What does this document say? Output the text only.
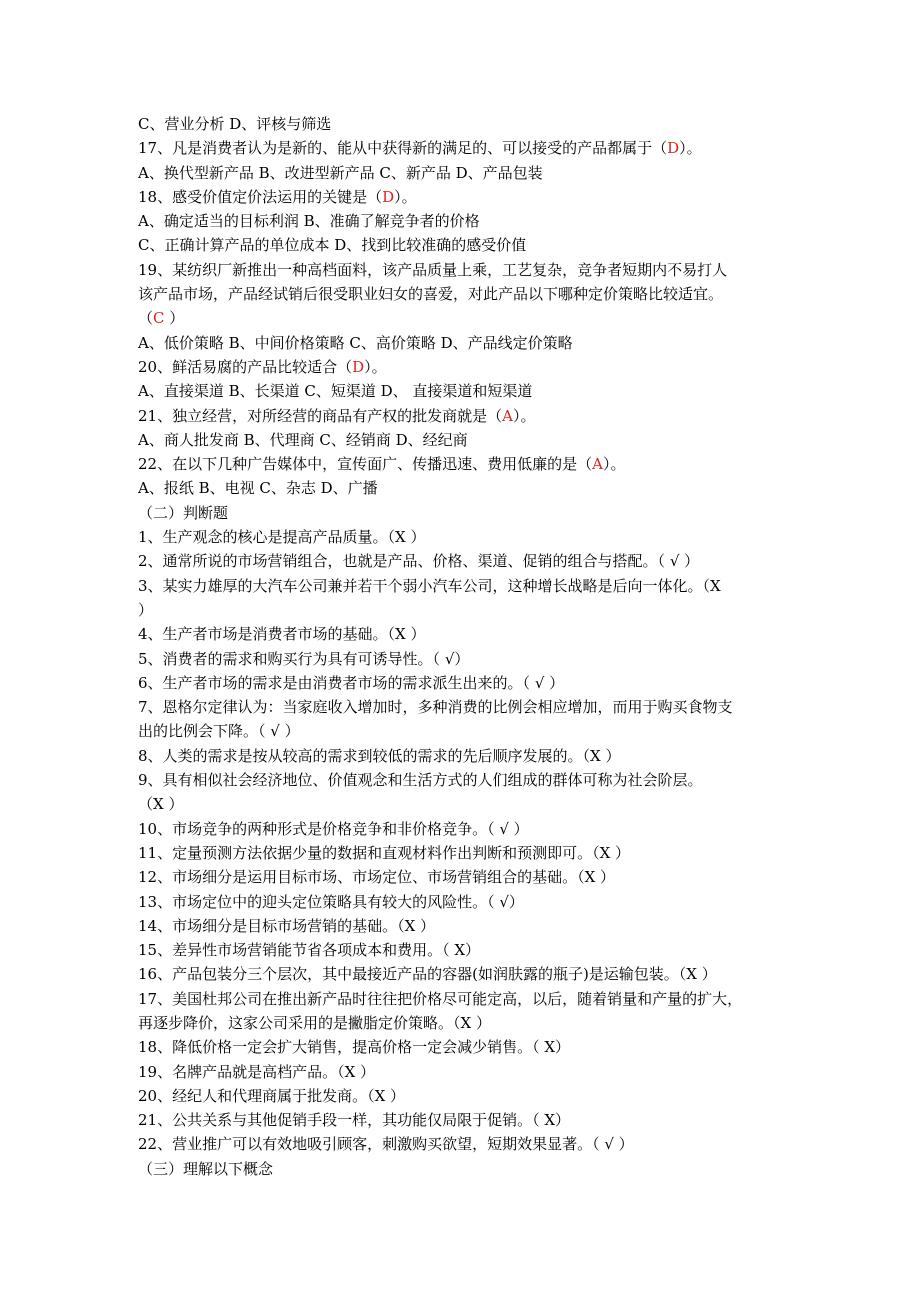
C、营业分析 D、评核与筛选
17、凡是消费者认为是新的、能从中获得新的满足的、可以接受的产品都属于（D）。
A、换代型新产品 B、改进型新产品 C、新产品 D、产品包装
18、感受价值定价法运用的关键是（D）。
A、确定适当的目标利润 B、准确了解竞争者的价格
C、正确计算产品的单位成本 D、找到比较准确的感受价值
19、某纺织厂新推出一种高档面料，该产品质量上乘，工艺复杂，竞争者短期内不易打人
该产品市场，产品经试销后很受职业妇女的喜爱，对此产品以下哪种定价策略比较适宜。
（C ）
A、低价策略 B、中间价格策略 C、高价策略 D、产品线定价策略
20、鲜活易腐的产品比较适合（D）。
A、直接渠道 B、长渠道 C、短渠道 D、 直接渠道和短渠道
21、独立经营，对所经营的商品有产权的批发商就是（A）。
A、商人批发商 B、代理商 C、经销商 D、经纪商
22、在以下几种广告媒体中，宣传面广、传播迅速、费用低廉的是（A）。
A、报纸 B、电视 C、杂志 D、广播
（二）判断题
1、生产观念的核心是提高产品质量。（X ）
2、通常所说的市场营销组合，也就是产品、价格、渠道、促销的组合与搭配。（ √ ）
3、某实力雄厚的大汽车公司兼并若干个弱小汽车公司，这种增长战略是后向一体化。（X
）
4、生产者市场是消费者市场的基础。（X ）
5、消费者的需求和购买行为具有可诱导性。（ √）
6、生产者市场的需求是由消费者市场的需求派生出来的。（ √ ）
7、恩格尔定律认为：当家庭收入增加时，多种消费的比例会相应增加，而用于购买食物支
出的比例会下降。（ √ ）
8、人类的需求是按从较高的需求到较低的需求的先后顺序发展的。（X ）
9、具有相似社会经济地位、价值观念和生活方式的人们组成的群体可称为社会阶层。
（X ）
10、市场竞争的两种形式是价格竞争和非价格竞争。（ √ ）
11、定量预测方法依据少量的数据和直观材料作出判断和预测即可。（X ）
12、市场细分是运用目标市场、市场定位、市场营销组合的基础。（X ）
13、市场定位中的迎头定位策略具有较大的风险性。（ √）
14、市场细分是目标市场营销的基础。（X ）
15、差异性市场营销能节省各项成本和费用。（ X）
16、产品包装分三个层次，其中最接近产品的容器(如润肤露的瓶子)是运输包装。（X ）
17、美国杜邦公司在推出新产品时往往把价格尽可能定高，以后，随着销量和产量的扩大，
再逐步降价，这家公司采用的是撇脂定价策略。（X ）
18、降低价格一定会扩大销售，提高价格一定会减少销售。（ X）
19、名牌产品就是高档产品。（X ）
20、经纪人和代理商属于批发商。（X ）
21、公共关系与其他促销手段一样，其功能仅局限于促销。（ X）
22、营业推广可以有效地吸引顾客，刺激购买欲望，短期效果显著。（ √ ）
（三）理解以下概念
